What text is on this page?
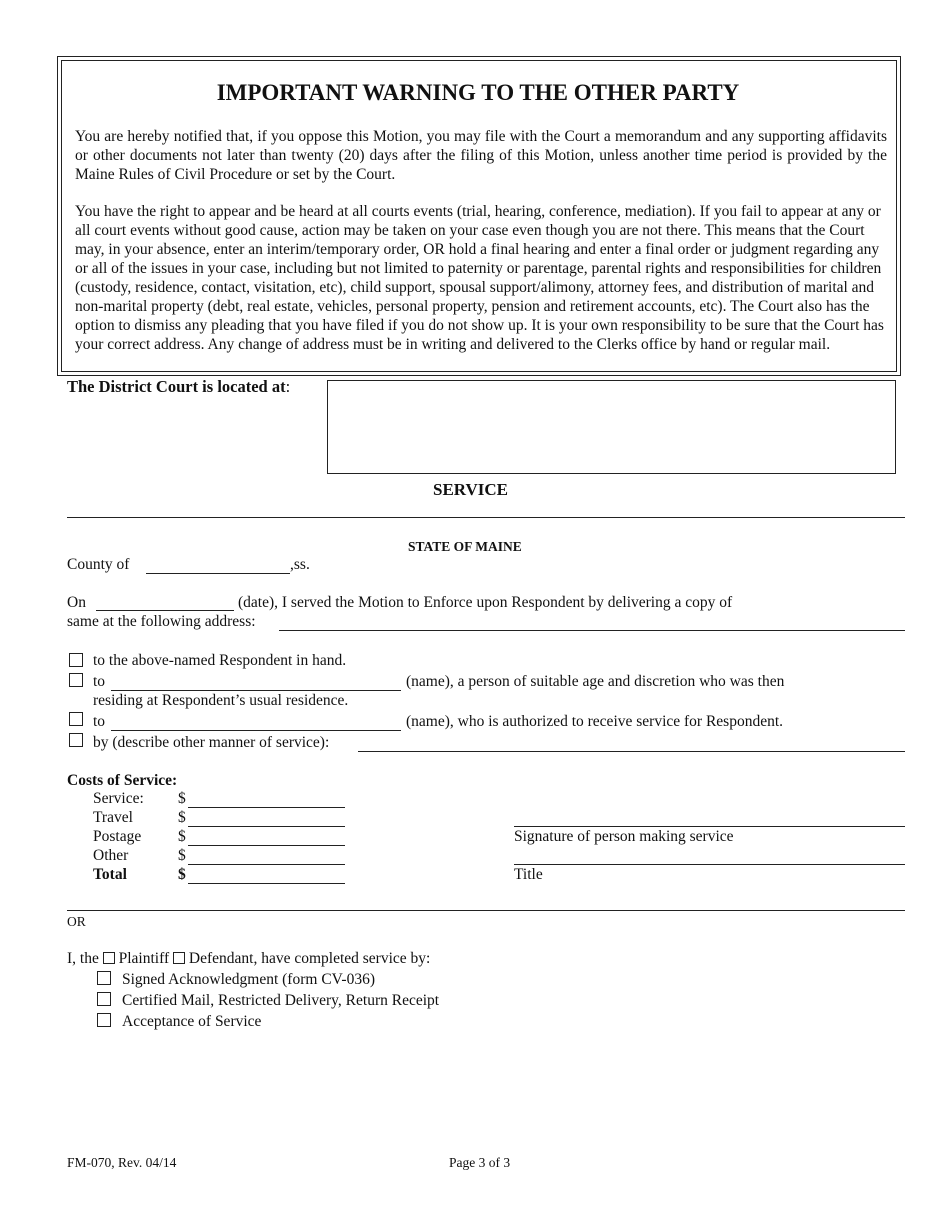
IMPORTANT WARNING TO THE OTHER PARTY
You are hereby notified that, if you oppose this Motion, you may file with the Court a memorandum and any supporting affidavits or other documents not later than twenty (20) days after the filing of this Motion, unless another time period is provided by the Maine Rules of Civil Procedure or set by the Court.
You have the right to appear and be heard at all courts events (trial, hearing, conference, mediation). If you fail to appear at any or all court events without good cause, action may be taken on your case even though you are not there. This means that the Court may, in your absence, enter an interim/temporary order, OR hold a final hearing and enter a final order or judgment regarding any or all of the issues in your case, including but not limited to paternity or parentage, parental rights and responsibilities for children (custody, residence, contact, visitation, etc), child support, spousal support/alimony, attorney fees, and distribution of marital and non-marital property (debt, real estate, vehicles, personal property, pension and retirement accounts, etc). The Court also has the option to dismiss any pleading that you have filed if you do not show up. It is your own responsibility to be sure that the Court has your correct address. Any change of address must be in writing and delivered to the Clerks office by hand or regular mail.
The District Court is located at:
SERVICE
STATE OF MAINE
County of	,ss.
On	(date), I served the Motion to Enforce upon Respondent by delivering a copy of
same at the following address:
to the above-named Respondent in hand.
to	(name), a person of suitable age and discretion who was then
residing at Respondent’s usual residence.
to	(name), who is authorized to receive service for Respondent.
by (describe other manner of service):
Costs of Service:
Service: $
Travel	$
Postage $
Other	$
Total	$
Signature of person making service
Title
OR
I, the Plaintiff Defendant, have completed service by:
Signed Acknowledgment (form CV-036)
Certified Mail, Restricted Delivery, Return Receipt
Acceptance of Service
FM-070, Rev. 04/14	Page 3 of 3
